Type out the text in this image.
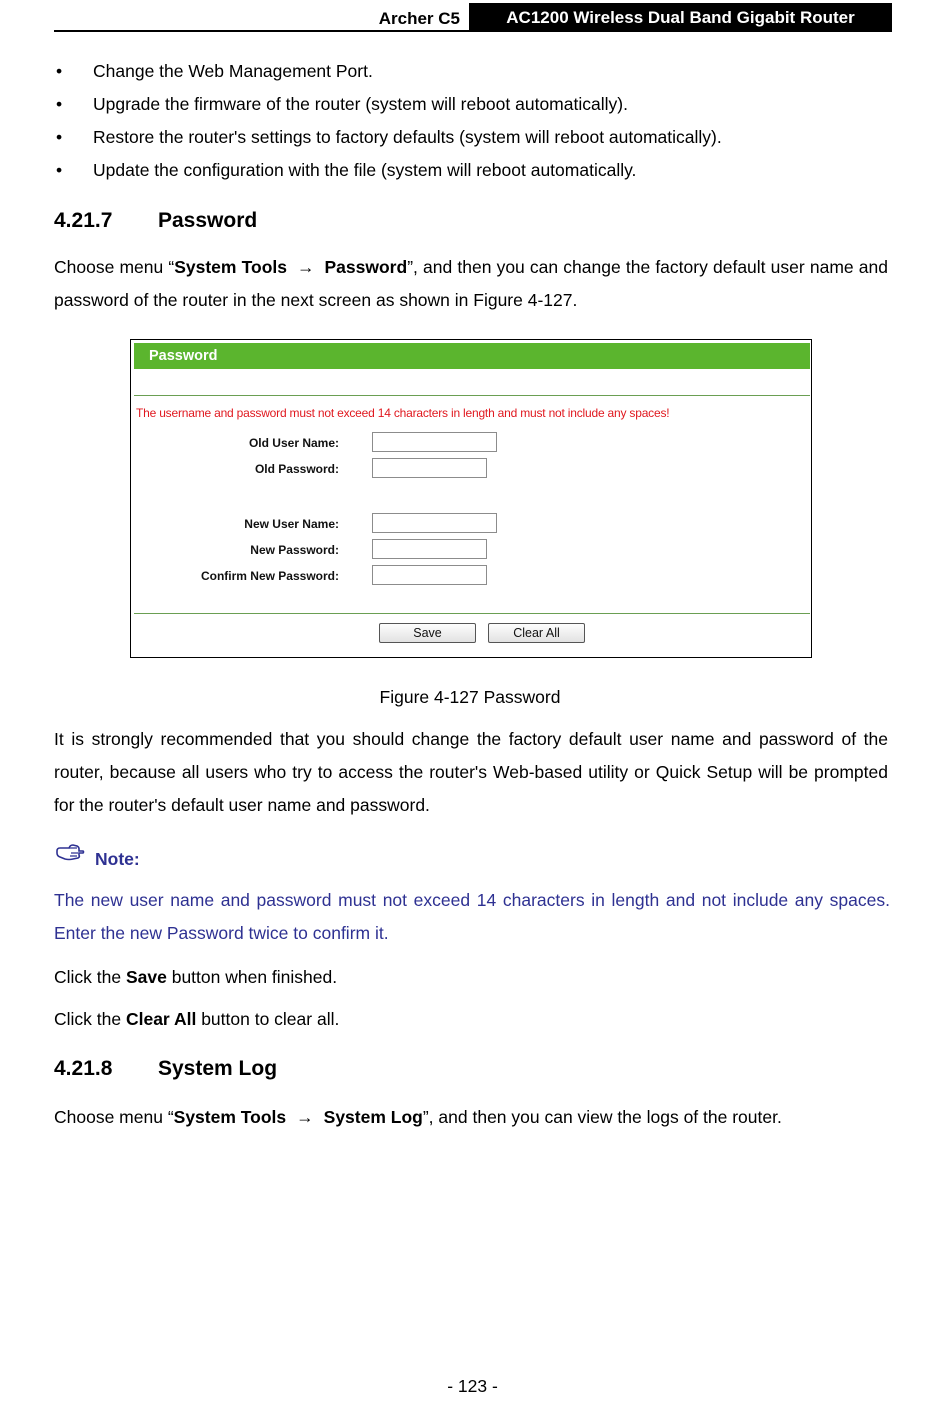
Archer C5	AC1200 Wireless Dual Band Gigabit Router
• Change the Web Management Port.
• Upgrade the firmware of the router (system will reboot automatically).
• Restore the router's settings to factory defaults (system will reboot automatically).
• Update the configuration with the file (system will reboot automatically.
4.21.7 Password

Choose menu “System Tools → Password”, and then you can change the factory default user name and password of the router in the next screen as shown in Figure 4-127.

Password
The username and password must not exceed 14 characters in length and must not include any spaces!
Old User Name:
Old Password:
New User Name:
New Password:
Confirm New Password:
Save	Clear All
Figure 4-127 Password

It is strongly recommended that you should change the factory default user name and password of the router, because all users who try to access the router's Web-based utility or Quick Setup will be prompted for the router's default user name and password.

Note:

The new user name and password must not exceed 14 characters in length and not include any spaces. Enter the new Password twice to confirm it.

Click the Save button when finished.
Click the Clear All button to clear all.
4.21.8 System Log
Choose menu “System Tools → System Log”, and then you can view the logs of the router.
- 123 -
